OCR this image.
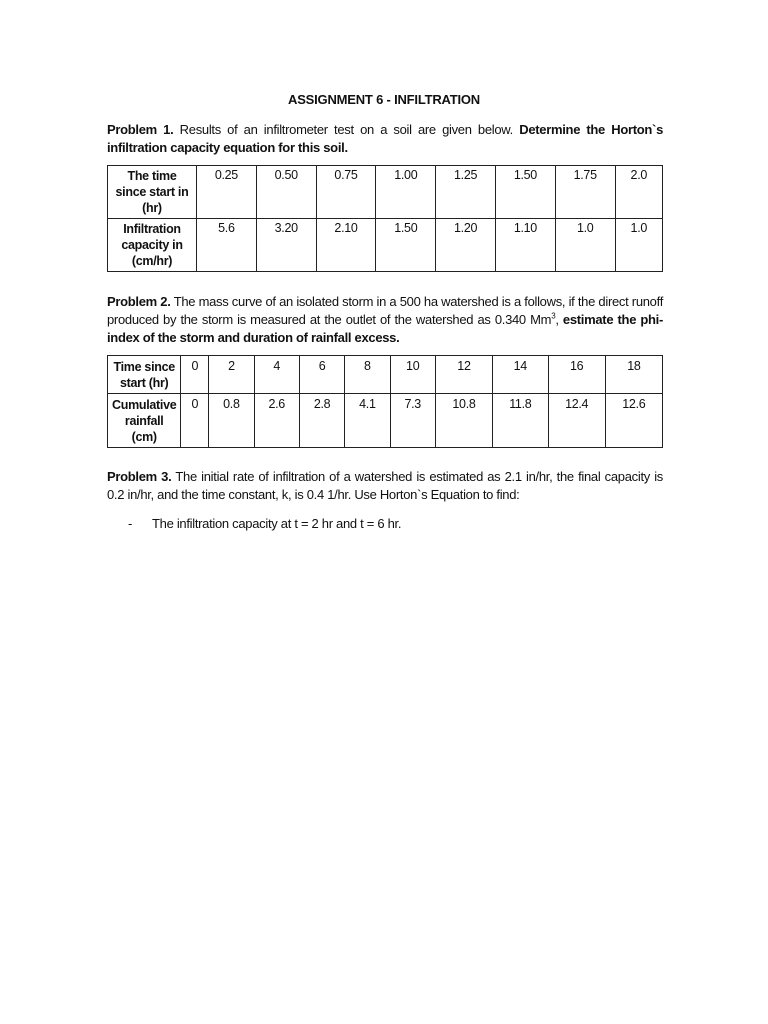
ASSIGNMENT 6 - INFILTRATION
Problem 1. Results of an infiltrometer test on a soil are given below. Determine the Horton`s infiltration capacity equation for this soil.
The time since start in (hr)	0.25	0.50	0.75	1.00	1.25	1.50	1.75	2.0
Infiltration capacity in (cm/hr)	5.6	3.20	2.10	1.50	1.20	1.10	1.0	1.0
Problem 2. The mass curve of an isolated storm in a 500 ha watershed is a follows, if the direct runoff produced by the storm is measured at the outlet of the watershed as 0.340 Mm$^3$, estimate the phi-index of the storm and duration of rainfall excess.
Time since start (hr)	0	2	4	6	8	10	12	14	16	18
Cumulative rainfall (cm)	0	0.8	2.6	2.8	4.1	7.3	10.8	11.8	12.4	12.6
Problem 3. The initial rate of infiltration of a watershed is estimated as 2.1 in/hr, the final capacity is 0.2 in/hr, and the time constant, k, is 0.4 1/hr. Use Horton`s Equation to find:
- The infiltration capacity at t = 2 hr and t = 6 hr.
